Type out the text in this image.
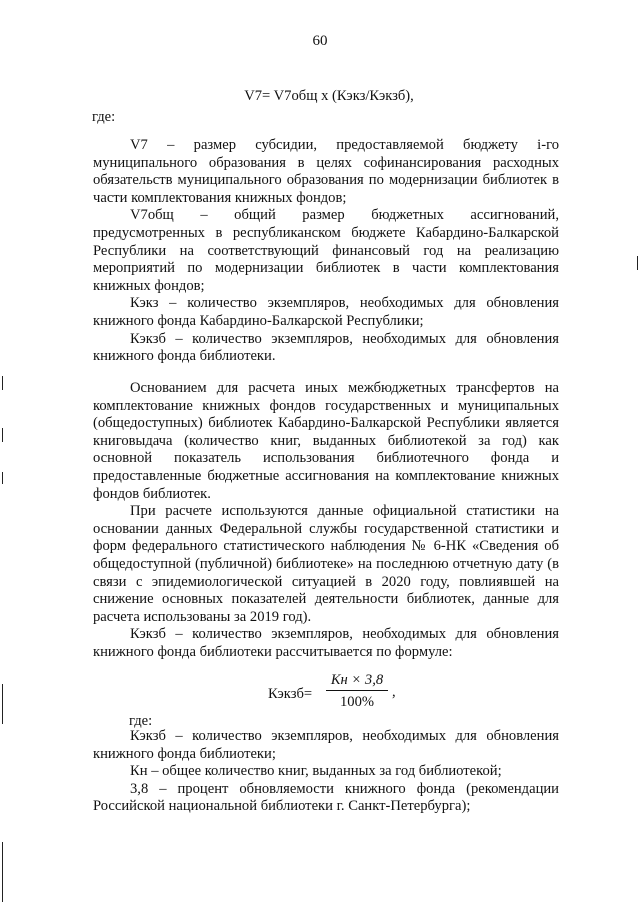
60
V7= V7общ x (Кэкз/Кэкзб),
где:

V7 – размер субсидии, предоставляемой бюджету i-го муниципального образования в целях софинансирования расходных обязательств муниципального образования по модернизации библиотек в части комплектования книжных фондов;

V7общ – общий размер бюджетных ассигнований, предусмотренных в республиканском бюджете Кабардино-Балкарской Республики на соответствующий финансовый год на реализацию мероприятий по модернизации библиотек в части комплектования книжных фондов;

Кэкз – количество экземпляров, необходимых для обновления книжного фонда Кабардино-Балкарской Республики;

Кэкзб – количество экземпляров, необходимых для обновления книжного фонда библиотеки.

Основанием для расчета иных межбюджетных трансфертов на комплектование книжных фондов государственных и муниципальных (общедоступных) библиотек Кабардино-Балкарской Республики является книговыдача (количество книг, выданных библиотекой за год) как основной показатель использования библиотечного фонда и предоставленные бюджетные ассигнования на комплектование книжных фондов библиотек.

При расчете используются данные официальной статистики на основании данных Федеральной службы государственной статистики и форм федерального статистического наблюдения № 6-НК «Сведения об общедоступной (публичной) библиотеке» на последнюю отчетную дату (в связи с эпидемиологической ситуацией в 2020 году, повлиявшей на снижение основных показателей деятельности библиотек, данные для расчета использованы за 2019 год).

Кэкзб – количество экземпляров, необходимых для обновления книжного фонда библиотеки рассчитывается по формуле:

Кэкзб=
Кн × 3,8
100%
,
где:

Кэкзб – количество экземпляров, необходимых для обновления книжного фонда библиотеки;

Кн – общее количество книг, выданных за год библиотекой;

3,8 – процент обновляемости книжного фонда (рекомендации Российской национальной библиотеки г. Санкт-Петербурга);
